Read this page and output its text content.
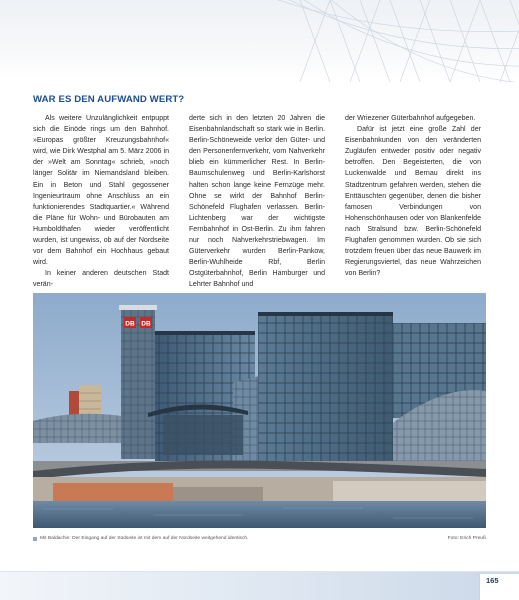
WAR ES DEN AUFWAND WERT?

Als weitere Unzulänglichkeit entpuppt sich die Einöde rings um den Bahnhof. »Europas größter Kreuzungsbahnhof« wird, wie Dirk Westphal am 5. März 2006 in der »Welt am Sonntag« schrieb, »noch länger Solitär im Niemandsland bleiben. Ein in Beton und Stahl gegossener Ingenieurtraum ohne Anschluss an ein funktionierendes Stadtquartier.« Während die Pläne für Wohn- und Bürobauten am Humboldthafen wieder veröffentlicht wurden, ist ungewiss, ob auf der Nordseite vor dem Bahnhof ein Hochhaus gebaut wird.

In keiner anderen deutschen Stadt verän-

derte sich in den letzten 20 Jahren die Eisenbahnlandschaft so stark wie in Berlin. Berlin-Schöneweide verlor den Güter- und den Personenfernverkehr, vom Nahverkehr blieb ein kümmerlicher Rest. In Berlin-Baumschulenweg und Berlin-Karlshorst halten schon lange keine Fernzüge mehr. Ohne se wirkt der Bahnhof Berlin-Schönefeld Flughafen verlassen. Berlin-Lichtenberg war der wichtigste Fernbahnhof in Ost-Berlin. Zu ihm fahren nur noch Nahverkehrstriebwagen. Im Güterverkehr wurden Berlin-Pankow, Berlin-Wuhlheide Rbf, Berlin Ostgüterbahnhof, Berlin Hamburger und Lehrter Bahnhof und

der Wriezener Güterbahnhof aufgegeben.

Dafür ist jetzt eine große Zahl der Eisenbahnkunden von den veränderten Zugläufen entweder positiv oder negativ betroffen. Den Begeisterten, die von Luckenwalde und Bernau direkt ins Stadtzentrum gefahren werden, stehen die Enttäuschten gegenüber, denen die bisher famosen Verbindungen von Hohenschönhausen oder von Blankenfelde nach Stralsund bzw. Berlin-Schönefeld Flughafen genommen wurden. Ob sie sich trotzdem freuen über das neue Bauwerk im Regierungsviertel, das neue Wahrzeichen von Berlin?

DB DB
Mit Baldachin: Der Eingang auf der Südseite ist mit dem auf der Nordseite weitgehend identisch.	Foto: Erich Preuß
165
